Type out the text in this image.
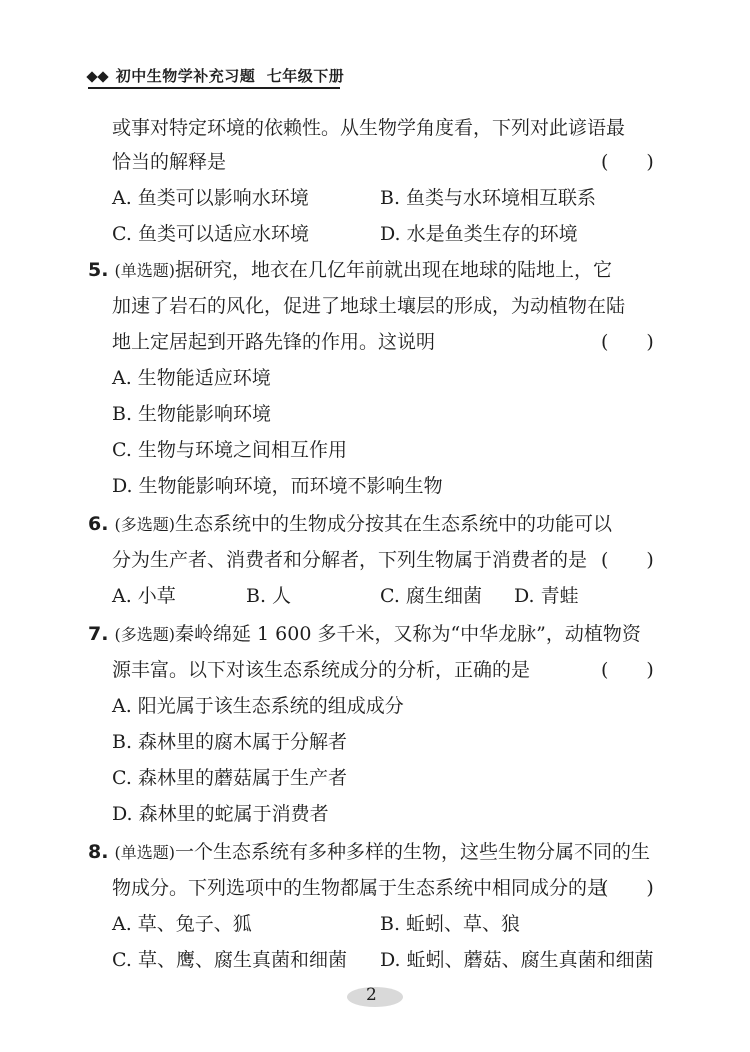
初中生物学补充习题 七年级下册
或事对特定环境的依赖性。从生物学角度看，下列对此谚语最
恰当的解释是	(　　)
A. 鱼类可以影响水环境	B. 鱼类与水环境相互联系
C. 鱼类可以适应水环境	D. 水是鱼类生存的环境
5. (单选题)据研究，地衣在几亿年前就出现在地球的陆地上，它
加速了岩石的风化，促进了地球土壤层的形成，为动植物在陆
地上定居起到开路先锋的作用。这说明	(　　)
A. 生物能适应环境
B. 生物能影响环境
C. 生物与环境之间相互作用
D. 生物能影响环境，而环境不影响生物
6. (多选题)生态系统中的生物成分按其在生态系统中的功能可以
分为生产者、消费者和分解者，下列生物属于消费者的是 (　　)
A. 小草	B. 人	C. 腐生细菌 D. 青蛙
7. (多选题)秦岭绵延 1 600 多千米，又称为“中华龙脉”，动植物资
源丰富。以下对该生态系统成分的分析，正确的是	(　　)
A. 阳光属于该生态系统的组成成分
B. 森林里的腐木属于分解者
C. 森林里的蘑菇属于生产者
D. 森林里的蛇属于消费者
8. (单选题)一个生态系统有多种多样的生物，这些生物分属不同的生
物成分。下列选项中的生物都属于生态系统中相同成分的是
(　　)
A. 草、兔子、狐	B. 蚯蚓、草、狼
C. 草、鹰、腐生真菌和细菌 D. 蚯蚓、蘑菇、腐生真菌和细菌
2
